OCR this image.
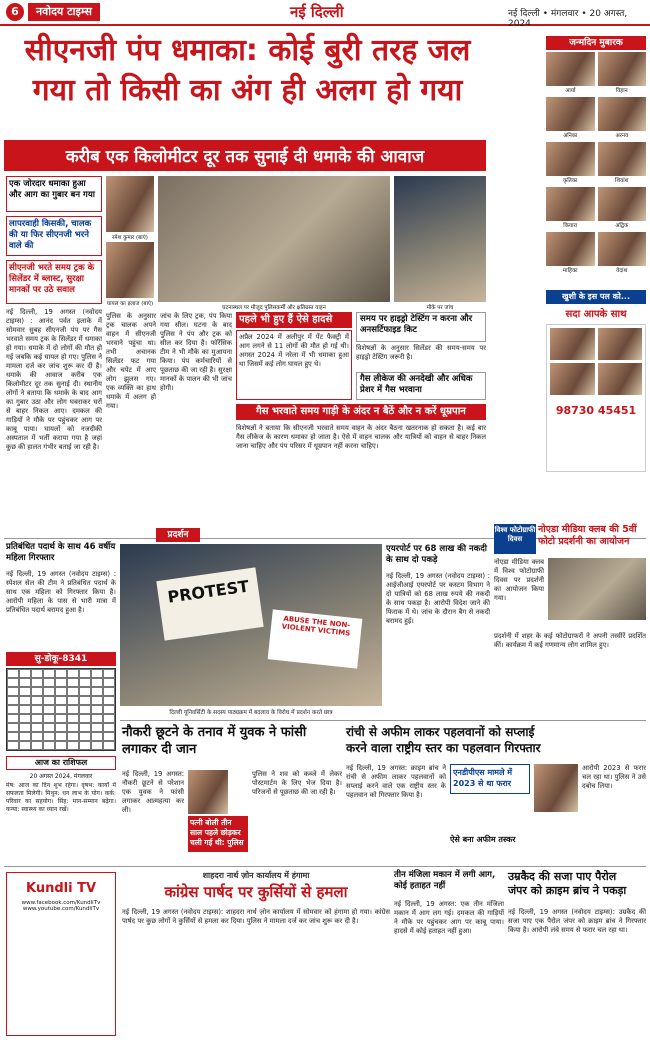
6	नवोदय टाइम्स	नई दिल्ली	नई दिल्ली • मंगलवार • 20 अगस्त, 2024
सीएनजी पंप धमाका: कोई बुरी तरह जल
गया तो किसी का अंग ही अलग हो गया
करीब एक किलोमीटर दूर तक सुनाई दी धमाके की आवाज
एक जोरदार धमाका हुआ और आग का गुबार बन गया
लापरवाही किसकी, चालक की या फिर सीएनजी भरने वाले की
सीएनजी भरते समय ट्रक के सिलेंडर में ब्लास्ट, सुरक्षा मानकों पर उठे सवाल
नई दिल्ली, 19 अगस्त (नवोदय टाइम्स) : आनंद पर्वत इलाके में सोमवार सुबह सीएनजी पंप पर गैस भरवाते समय ट्रक के सिलेंडर में धमाका हो गया। धमाके में दो लोगों की मौत हो गई जबकि कई घायल हो गए। पुलिस ने मामला दर्ज कर जांच शुरू कर दी है। धमाके की आवाज करीब एक किलोमीटर दूर तक सुनाई दी। स्थानीय लोगों ने बताया कि धमाके के बाद आग का गुबार उठा और लोग घबराकर घरों से बाहर निकल आए। दमकल की गाड़ियों ने मौके पर पहुंचकर आग पर काबू पाया। घायलों को नजदीकी अस्पताल में भर्ती कराया गया है जहां कुछ की हालत गंभीर बताई जा रही है।
रमेश कुमार (बाएं)
घायल का इलाज (बाएं)
घटनास्थल पर मौजूद पुलिसकर्मी और क्षतिग्रस्त वाहन	मौके पर जांच
पुलिस के अनुसार ट्रक चालक अपने वाहन में सीएनजी भरवाने पहुंचा था। तभी अचानक सिलेंडर फट गया और चपेट में आए लोग झुलस गए। एक व्यक्ति का हाथ धमाके में अलग हो गया।
जांच के लिए ट्रक, पंप किया गया सील। घटना के बाद पुलिस ने पंप और ट्रक को सील कर दिया है। फॉरेंसिक टीम ने भी मौके का मुआयना किया। पंप कर्मचारियों से पूछताछ की जा रही है। सुरक्षा मानकों के पालन की भी जांच होगी।
पहले भी हुए हैं ऐसे हादसे
अप्रैल 2024 में अलीपुर में पेंट फैक्ट्री में आग लगने से 11 लोगों की मौत हो गई थी। अगस्त 2024 में नरेला में भी धमाका हुआ था जिसमें कई लोग घायल हुए थे।
समय पर हाइड्रो टेस्टिंग न करना और अनसर्टिफाइड किट
विशेषज्ञों के अनुसार सिलेंडर की समय-समय पर हाइड्रो टेस्टिंग जरूरी है।
गैस लीकेज की अनदेखी और अधिक प्रेशर में गैस भरवाना
गैस भरवाते समय गाड़ी के अंदर न बैठें और न करें धूम्रपान
विशेषज्ञों ने बताया कि सीएनजी भरवाते समय वाहन के अंदर बैठना खतरनाक हो सकता है। कई बार गैस लीकेज के कारण धमाका हो जाता है। ऐसे में वाहन चालक और यात्रियों को वाहन से बाहर निकल जाना चाहिए और पंप परिसर में धूम्रपान नहीं करना चाहिए।
जन्मदिन मुबारक
आर्या	विहान
अनिका	अरनव
कृतिका	शिवांश
कियारा	अद्विक
माहिका	वेदांश
खुशी के इस पल को...
सदा आपके साथ
98730 45451
प्रतिबंधित पदार्थ के साथ 46 वर्षीय महिला गिरफ्तार
नई दिल्ली, 19 अगस्त (नवोदय टाइम्स) : स्पेशल सेल की टीम ने प्रतिबंधित पदार्थ के साथ एक महिला को गिरफ्तार किया है। आरोपी महिला के पास से भारी मात्रा में प्रतिबंधित पदार्थ बरामद हुआ है।
सु-डोकू-8341
आज का राशिफल
20 अगस्त 2024, मंगलवार
मेष: आज का दिन शुभ रहेगा। वृषभ: कार्यों में सफलता मिलेगी। मिथुन: धन लाभ के योग। कर्क: परिवार का सहयोग। सिंह: मान-सम्मान बढ़ेगा। कन्या: स्वास्थ्य का ध्यान रखें।
प्रदर्शन
PROTEST
ABUSE THE NON-VIOLENT VICTIMS
दिल्ली यूनिवर्सिटी के सदस्य पाठ्यक्रम में बदलाव के विरोध में प्रदर्शन करते छात्र
एयरपोर्ट पर 68 लाख की नकदी के साथ दो पकड़े
नई दिल्ली, 19 अगस्त (नवोदय टाइम्स) : आईजीआई एयरपोर्ट पर कस्टम विभाग ने दो यात्रियों को 68 लाख रुपये की नकदी के साथ पकड़ा है। आरोपी विदेश जाने की फिराक में थे। जांच के दौरान बैग से नकदी बरामद हुई।
विश्व फोटोग्राफी दिवस
नोएडा मीडिया क्लब की 5वीं फोटो प्रदर्शनी का आयोजन
नोएडा मीडिया क्लब में विश्व फोटोग्राफी दिवस पर प्रदर्शनी का आयोजन किया गया।
प्रदर्शनी में शहर के कई फोटोग्राफरों ने अपनी तस्वीरें प्रदर्शित कीं। कार्यक्रम में कई गणमान्य लोग शामिल हुए।
नौकरी छूटने के तनाव में युवक ने फांसी लगाकर दी जान
नई दिल्ली, 19 अगस्त: नौकरी छूटने से परेशान एक युवक ने फांसी लगाकर आत्महत्या कर ली।
पत्नी बोली तीन साल पहले छोड़कर चली गई थी: पुलिस
पुलिस ने शव को कब्जे में लेकर पोस्टमार्टम के लिए भेज दिया है। परिजनों से पूछताछ की जा रही है।
रांची से अफीम लाकर पहलवानों को सप्लाई
करने वाला राष्ट्रीय स्तर का पहलवान गिरफ्तार
नई दिल्ली, 19 अगस्त: क्राइम ब्रांच ने रांची से अफीम लाकर पहलवानों को सप्लाई करने वाले एक राष्ट्रीय स्तर के पहलवान को गिरफ्तार किया है।
एनडीपीएस मामले में 2023 से था फरार
ऐसे बना अफीम तस्कर
आरोपी 2023 से फरार चल रहा था। पुलिस ने उसे दबोच लिया।
Kundli TV
www.facebook.com/KundliTv
www.youtube.com/KundliTv
शाहदरा नार्थ ज़ोन कार्यालय में हंगामा
कांग्रेस पार्षद पर कुर्सियों से हमला
नई दिल्ली, 19 अगस्त (नवोदय टाइम्स): शाहदरा नार्थ ज़ोन कार्यालय में सोमवार को हंगामा हो गया। कांग्रेस पार्षद पर कुछ लोगों ने कुर्सियों से हमला कर दिया। पुलिस ने मामला दर्ज कर जांच शुरू कर दी है।
तीन मंजिला मकान में लगी आग, कोई हताहत नहीं
नई दिल्ली, 19 अगस्त: एक तीन मंजिला मकान में आग लग गई। दमकल की गाड़ियों ने मौके पर पहुंचकर आग पर काबू पाया। हादसे में कोई हताहत नहीं हुआ।
उम्रकैद की सजा पाए पैरोल
जंपर को क्राइम ब्रांच ने पकड़ा
नई दिल्ली, 19 अगस्त (नवोदय टाइम्स): उम्रकैद की सजा पाए एक पैरोल जंपर को क्राइम ब्रांच ने गिरफ्तार किया है। आरोपी लंबे समय से फरार चल रहा था।
